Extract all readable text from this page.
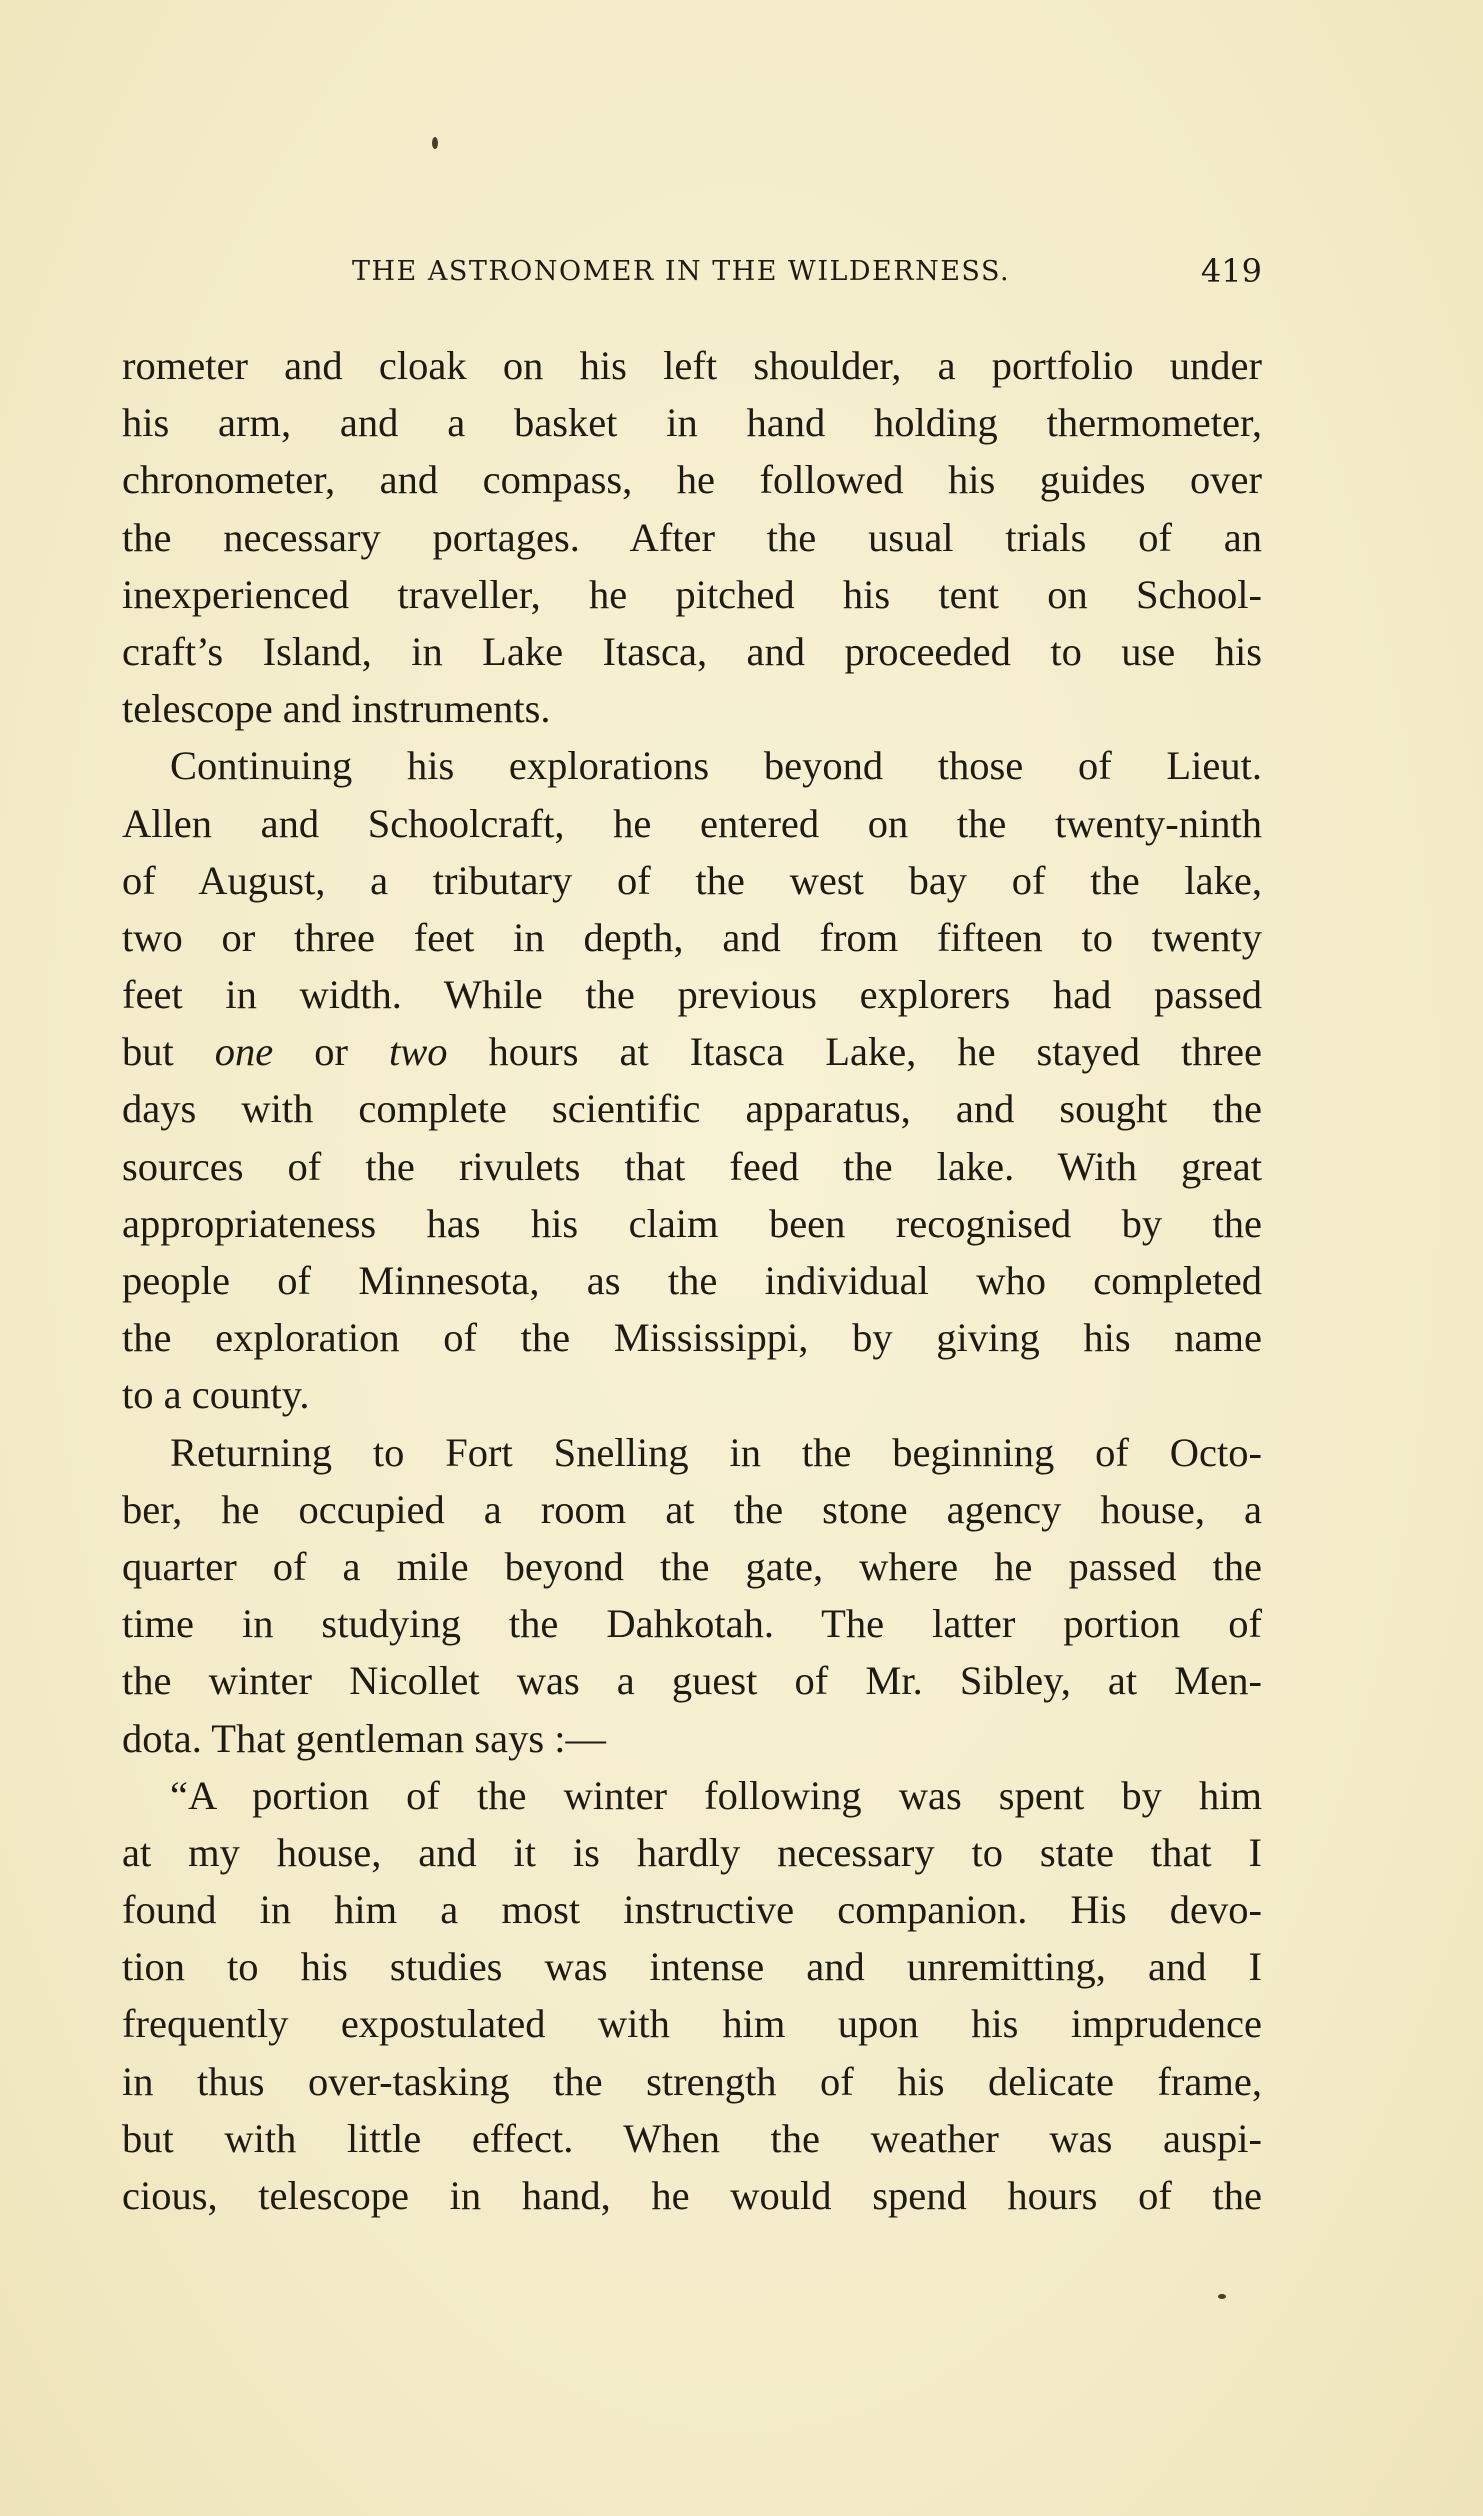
THE ASTRONOMER IN THE WILDERNESS.	419
rometer and cloak on his left shoulder, a portfolio under
his arm, and a basket in hand holding thermometer,
chronometer, and compass, he followed his guides over
the necessary portages. After the usual trials of an
inexperienced traveller, he pitched his tent on School-
craft’s Island, in Lake Itasca, and proceeded to use his
telescope and instruments.
Continuing his explorations beyond those of Lieut.
Allen and Schoolcraft, he entered on the twenty-ninth
of August, a tributary of the west bay of the lake,
two or three feet in depth, and from fifteen to twenty
feet in width. While the previous explorers had passed
but one or two hours at Itasca Lake, he stayed three
days with complete scientific apparatus, and sought the
sources of the rivulets that feed the lake. With great
appropriateness has his claim been recognised by the
people of Minnesota, as the individual who completed
the exploration of the Mississippi, by giving his name
to a county.
Returning to Fort Snelling in the beginning of Octo-
ber, he occupied a room at the stone agency house, a
quarter of a mile beyond the gate, where he passed the
time in studying the Dahkotah. The latter portion of
the winter Nicollet was a guest of Mr. Sibley, at Men-
dota. That gentleman says :—
“A portion of the winter following was spent by him
at my house, and it is hardly necessary to state that I
found in him a most instructive companion. His devo-
tion to his studies was intense and unremitting, and I
frequently expostulated with him upon his imprudence
in thus over-tasking the strength of his delicate frame,
but with little effect. When the weather was auspi-
cious, telescope in hand, he would spend hours of the
